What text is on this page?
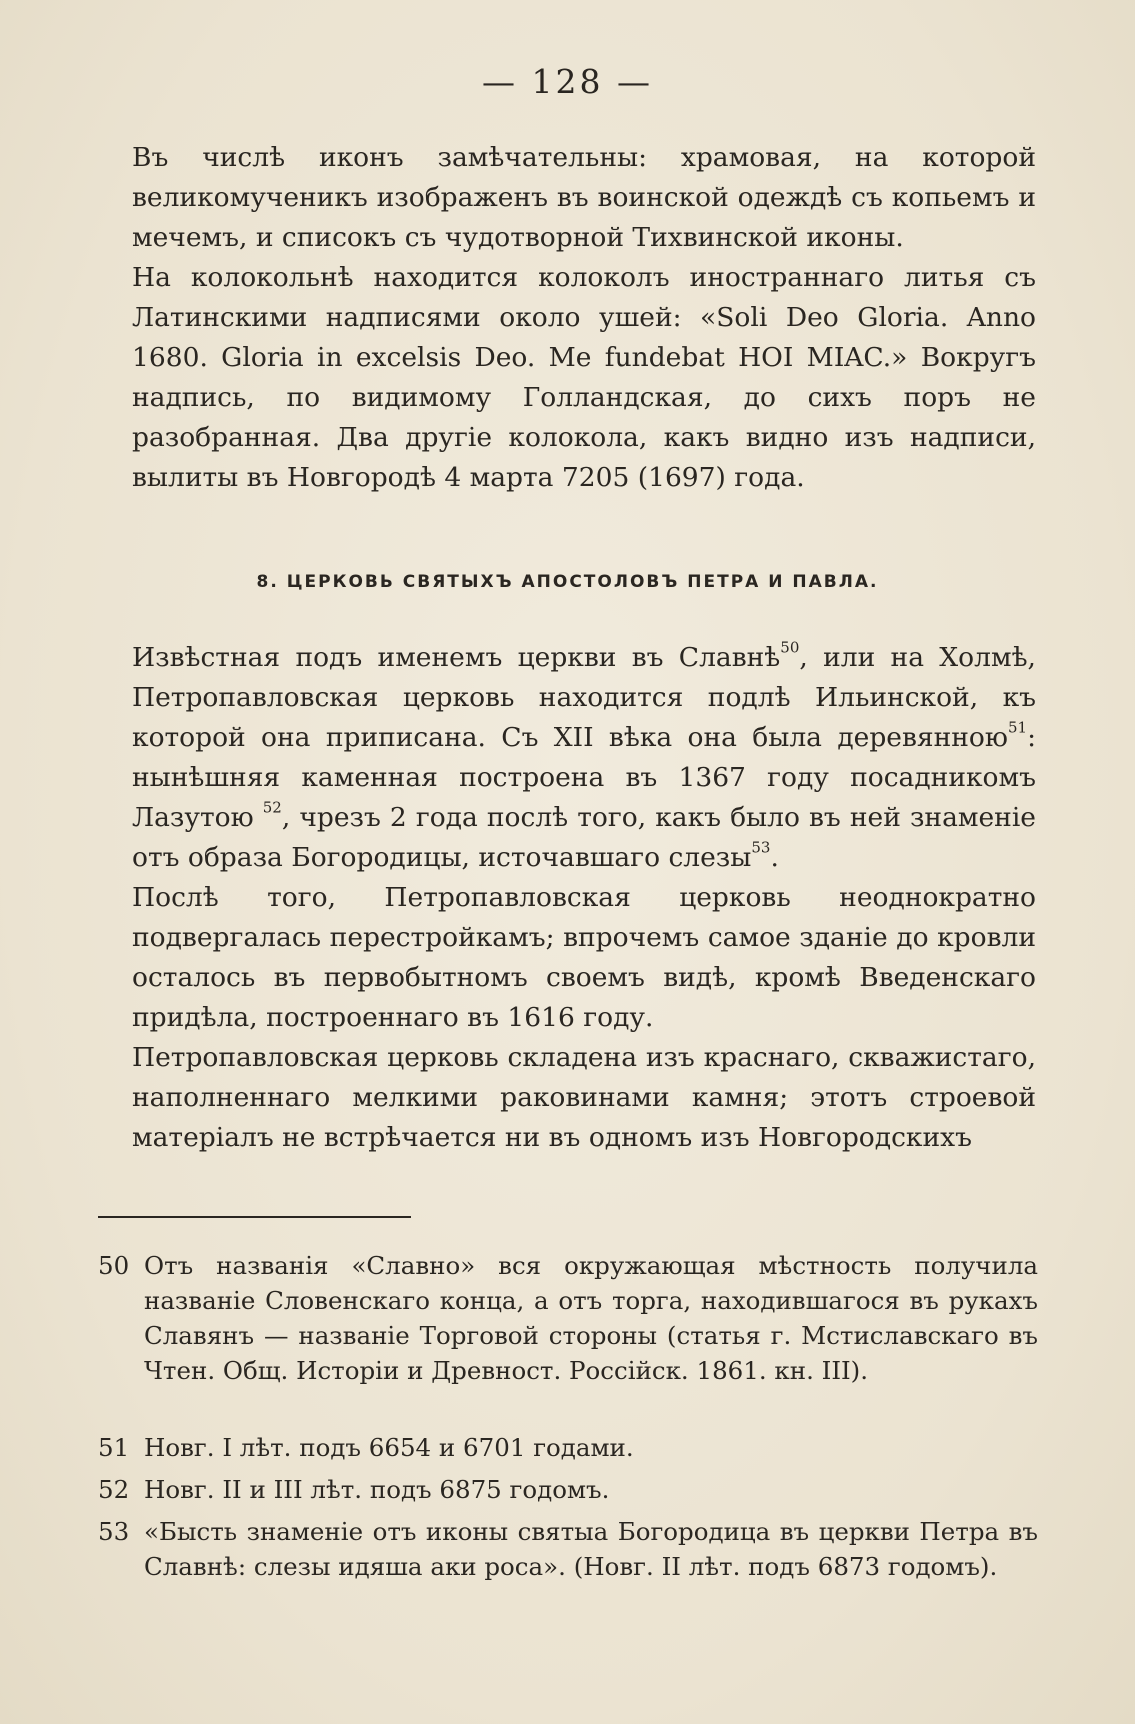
— 128 —

Въ числѣ иконъ замѣчательны: храмовая, на которой великомученикъ изображенъ въ воинской одеждѣ съ копьемъ и мечемъ, и списокъ съ чудотворной Тихвинской иконы.

На колокольнѣ находится колоколъ иностраннаго литья съ Латинскими надписями около ушей: «Soli Deo Gloria. Anno 1680. Gloria in excelsis Deo. Me fundebat HOI MIAC.» Вокругъ надпись, по видимому Голландская, до сихъ поръ не разобранная. Два другіе колокола, какъ видно изъ надписи, вылиты въ Новгородѣ 4 марта 7205 (1697) года.

8. ЦЕРКОВЬ СВЯТЫХЪ АПОСТОЛОВЪ ПЕТРА И ПАВЛА.

Извѣстная подъ именемъ церкви въ Славнѣ$^{50}$, или на Холмѣ, Петропавловская церковь находится подлѣ Ильинской, къ которой она приписана. Съ XII вѣка она была деревянною$^{51}$: нынѣшняя каменная построена въ 1367 году посадникомъ Лазутою $^{52}$, чрезъ 2 года послѣ того, какъ было въ ней знаменіе отъ образа Богородицы, источавшаго слезы$^{53}$.

Послѣ того, Петропавловская церковь неоднократно подвергалась перестройкамъ; впрочемъ самое зданіе до кровли осталось въ первобытномъ своемъ видѣ, кромѣ Введенскаго придѣла, построеннаго въ 1616 году.

Петропавловская церковь складена изъ краснаго, скважистаго, наполненнаго мелкими раковинами камня; этотъ строевой матеріалъ не встрѣчается ни въ одномъ изъ Новгородскихъ

50 Отъ названія «Славно» вся окружающая мѣстность получила названіе Словенскаго конца, а отъ торга, находившагося въ рукахъ Славянъ — названіе Торговой стороны (статья г. Мстиславскаго въ Чтен. Общ. Исторіи и Древност. Россійск. 1861. кн. III).
51 Новг. I лѣт. подъ 6654 и 6701 годами.
52 Новг. II и III лѣт. подъ 6875 годомъ.
53 «Бысть знаменіе отъ иконы святыа Богородица въ церкви Петра въ Славнѣ: слезы идяша аки роса». (Новг. II лѣт. подъ 6873 годомъ).
